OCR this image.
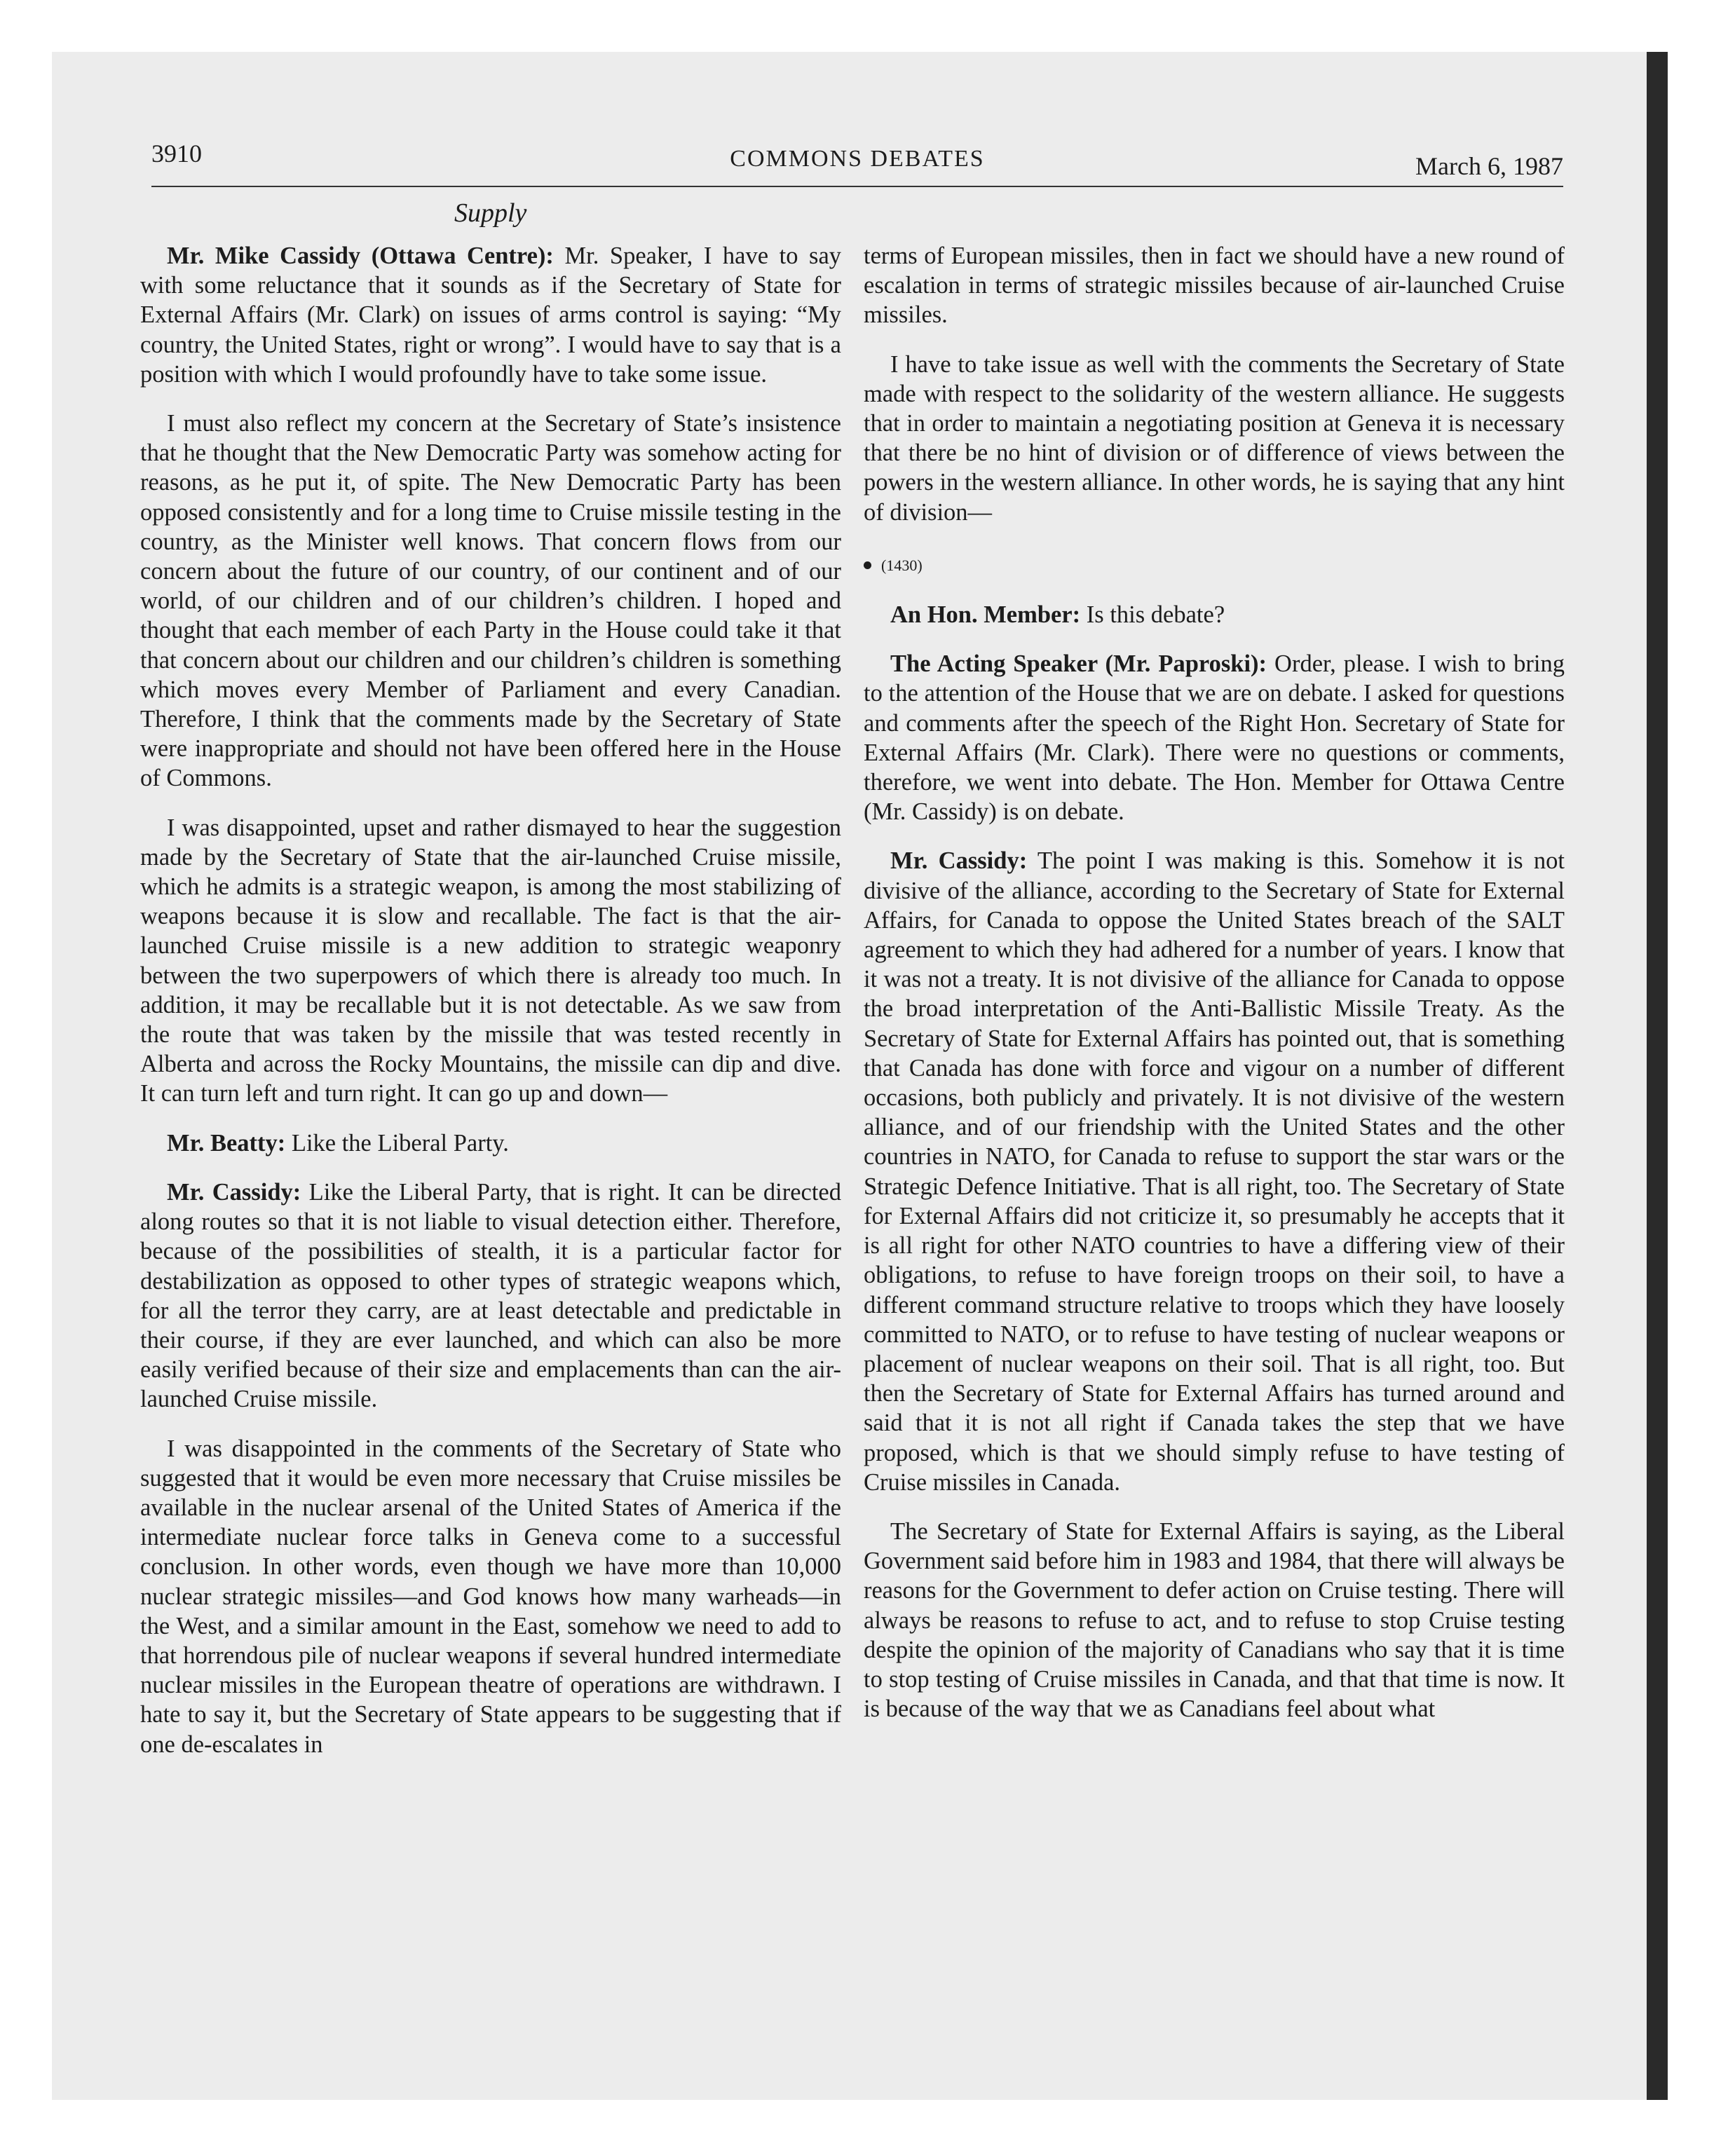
3910	COMMONS DEBATES	March 6, 1987
Supply

Mr. Mike Cassidy (Ottawa Centre): Mr. Speaker, I have to say with some reluctance that it sounds as if the Secretary of State for External Affairs (Mr. Clark) on issues of arms control is saying: “My country, the United States, right or wrong”. I would have to say that is a position with which I would profoundly have to take some issue.

I must also reflect my concern at the Secretary of State’s insistence that he thought that the New Democratic Party was somehow acting for reasons, as he put it, of spite. The New Democratic Party has been opposed consistently and for a long time to Cruise missile testing in the country, as the Minister well knows. That concern flows from our concern about the future of our country, of our continent and of our world, of our children and of our children’s children. I hoped and thought that each member of each Party in the House could take it that that concern about our children and our children’s children is something which moves every Member of Parliament and every Canadian. Therefore, I think that the comments made by the Secretary of State were inappropriate and should not have been offered here in the House of Commons.

I was disappointed, upset and rather dismayed to hear the suggestion made by the Secretary of State that the air-launched Cruise missile, which he admits is a strategic weapon, is among the most stabilizing of weapons because it is slow and recallable. The fact is that the air-launched Cruise missile is a new addition to strategic weaponry between the two superpowers of which there is already too much. In addition, it may be recallable but it is not detectable. As we saw from the route that was taken by the missile that was tested recently in Alberta and across the Rocky Mountains, the missile can dip and dive. It can turn left and turn right. It can go up and down—

Mr. Beatty: Like the Liberal Party.

Mr. Cassidy: Like the Liberal Party, that is right. It can be directed along routes so that it is not liable to visual detection either. Therefore, because of the possibilities of stealth, it is a particular factor for destabilization as opposed to other types of strategic weapons which, for all the terror they carry, are at least detectable and predictable in their course, if they are ever launched, and which can also be more easily verified because of their size and emplacements than can the air-launched Cruise missile.

I was disappointed in the comments of the Secretary of State who suggested that it would be even more necessary that Cruise missiles be available in the nuclear arsenal of the United States of America if the intermediate nuclear force talks in Geneva come to a successful conclusion. In other words, even though we have more than 10,000 nuclear strategic missiles—and God knows how many warheads—in the West, and a similar amount in the East, somehow we need to add to that horrendous pile of nuclear weapons if several hundred intermediate nuclear missiles in the European theatre of operations are withdrawn. I hate to say it, but the Secretary of State appears to be suggesting that if one de-escalates in

terms of European missiles, then in fact we should have a new round of escalation in terms of strategic missiles because of air-launched Cruise missiles.

I have to take issue as well with the comments the Secretary of State made with respect to the solidarity of the western alliance. He suggests that in order to maintain a negotiating position at Geneva it is necessary that there be no hint of division or of difference of views between the powers in the western alliance. In other words, he is saying that any hint of division—

(1430)

An Hon. Member: Is this debate?

The Acting Speaker (Mr. Paproski): Order, please. I wish to bring to the attention of the House that we are on debate. I asked for questions and comments after the speech of the Right Hon. Secretary of State for External Affairs (Mr. Clark). There were no questions or comments, therefore, we went into debate. The Hon. Member for Ottawa Centre (Mr. Cassidy) is on debate.

Mr. Cassidy: The point I was making is this. Somehow it is not divisive of the alliance, according to the Secretary of State for External Affairs, for Canada to oppose the United States breach of the SALT agreement to which they had adhered for a number of years. I know that it was not a treaty. It is not divisive of the alliance for Canada to oppose the broad interpretation of the Anti-Ballistic Missile Treaty. As the Secretary of State for External Affairs has pointed out, that is something that Canada has done with force and vigour on a number of different occasions, both publicly and privately. It is not divisive of the western alliance, and of our friendship with the United States and the other countries in NATO, for Canada to refuse to support the star wars or the Strategic Defence Initiative. That is all right, too. The Secretary of State for External Affairs did not criticize it, so presumably he accepts that it is all right for other NATO countries to have a differing view of their obligations, to refuse to have foreign troops on their soil, to have a different command structure relative to troops which they have loosely committed to NATO, or to refuse to have testing of nuclear weapons or placement of nuclear weapons on their soil. That is all right, too. But then the Secretary of State for External Affairs has turned around and said that it is not all right if Canada takes the step that we have proposed, which is that we should simply refuse to have testing of Cruise missiles in Canada.

The Secretary of State for External Affairs is saying, as the Liberal Government said before him in 1983 and 1984, that there will always be reasons for the Government to defer action on Cruise testing. There will always be reasons to refuse to act, and to refuse to stop Cruise testing despite the opinion of the majority of Canadians who say that it is time to stop testing of Cruise missiles in Canada, and that that time is now. It is because of the way that we as Canadians feel about what
